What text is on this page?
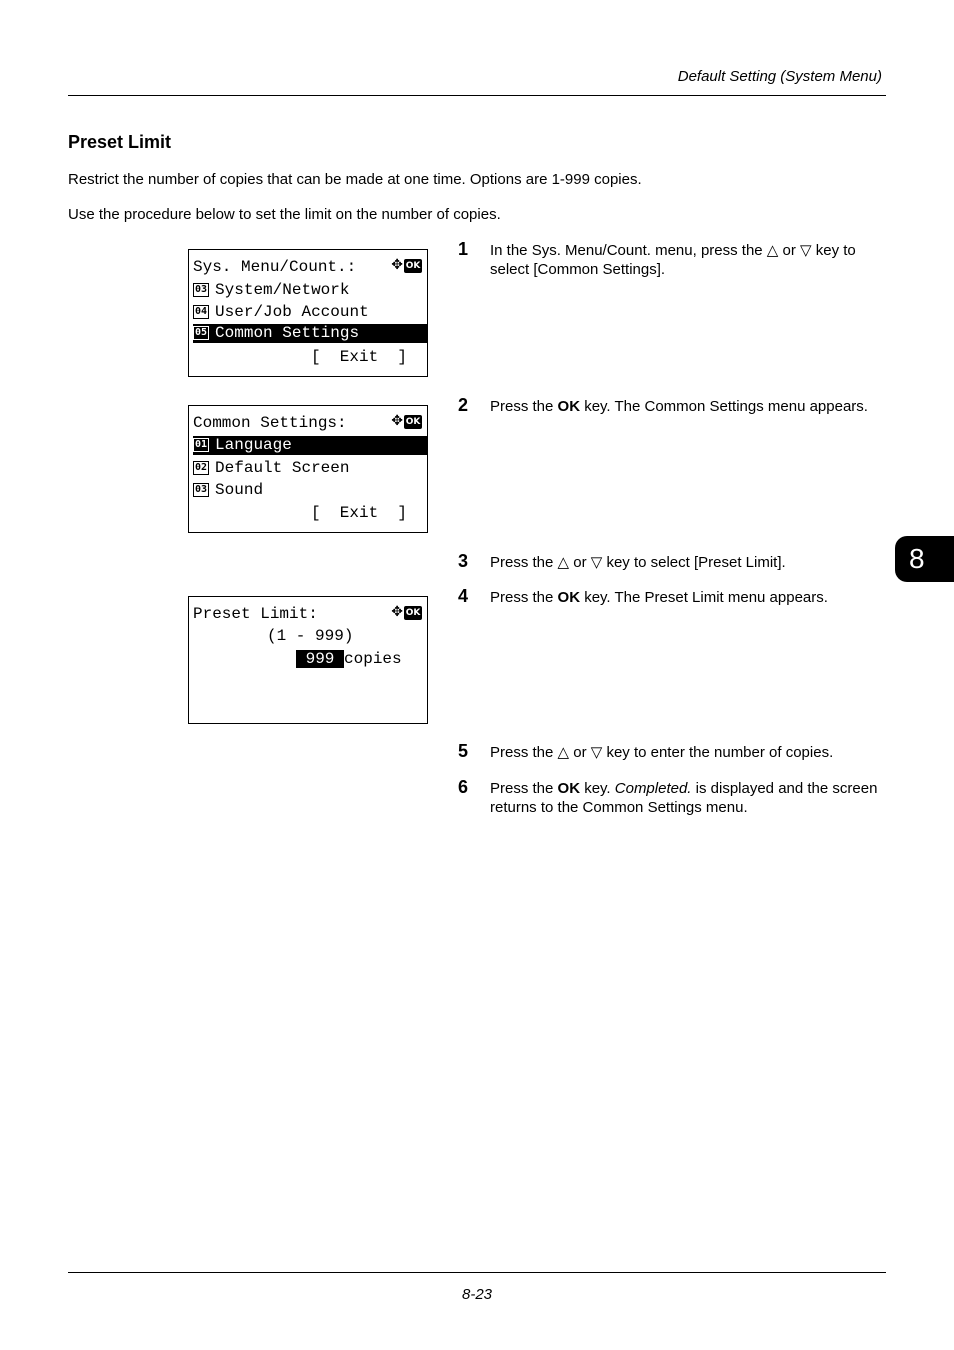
Default Setting (System Menu)
Preset Limit
Restrict the number of copies that can be made at one time. Options are 1-999 copies.
Use the procedure below to set the limit on the number of copies.
8
Sys. Menu/Count.:	✥ OK
03 System/Network
04 User/Job Account
05 Common Settings
[  Exit  ]
Common Settings:	✥ OK
01 Language
02 Default Screen
03 Sound
[  Exit  ]
Preset Limit:	✥ OK
(1 - 999)
999 copies
1 In the Sys. Menu/Count. menu, press the △ or ▽ key to select [Common Settings].
2 Press the OK key. The Common Settings menu appears.
3 Press the △ or ▽ key to select [Preset Limit].
4 Press the OK key. The Preset Limit menu appears.
5 Press the △ or ▽ key to enter the number of copies.
6 Press the OK key. Completed. is displayed and the screen returns to the Common Settings menu.
8-23
